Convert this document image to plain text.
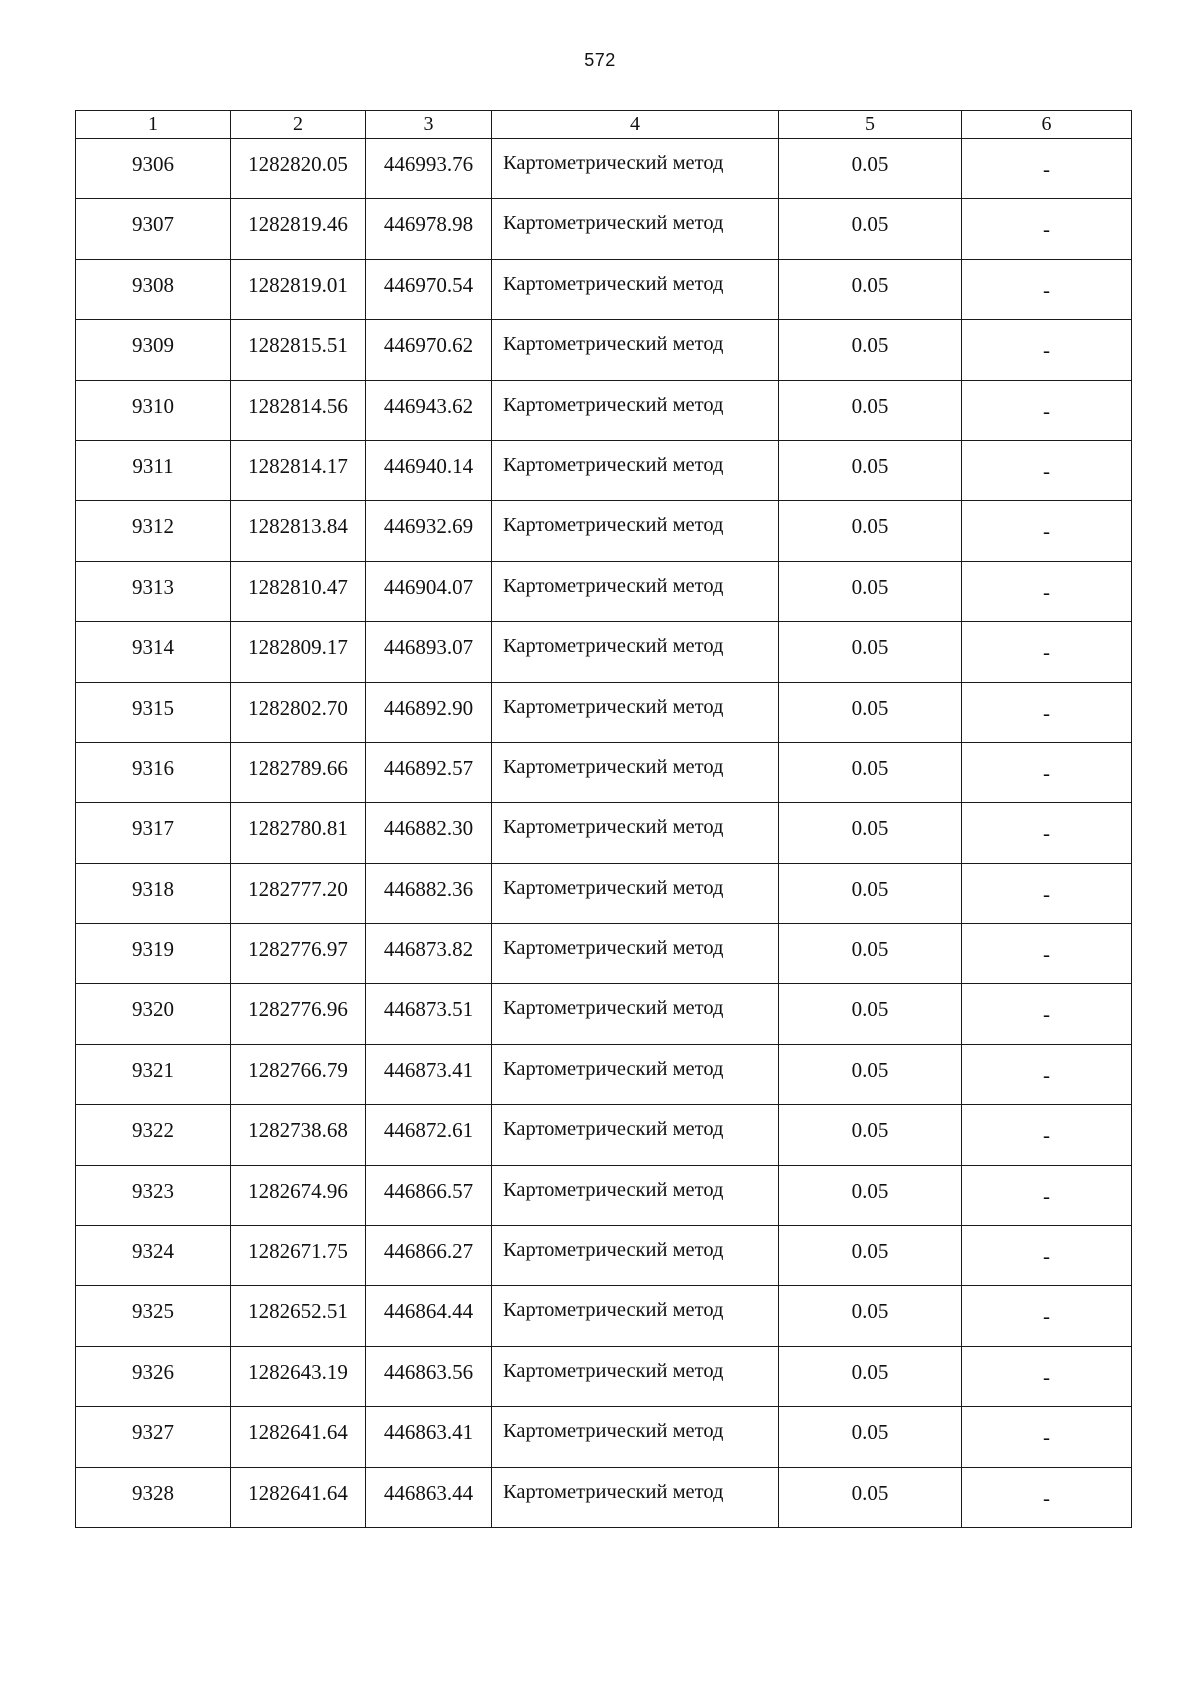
572
1	2	3	4	5	6
9306	1282820.05	446993.76	Картометрический метод	0.05	-
9307	1282819.46	446978.98	Картометрический метод	0.05	-
9308	1282819.01	446970.54	Картометрический метод	0.05	-
9309	1282815.51	446970.62	Картометрический метод	0.05	-
9310	1282814.56	446943.62	Картометрический метод	0.05	-
9311	1282814.17	446940.14	Картометрический метод	0.05	-
9312	1282813.84	446932.69	Картометрический метод	0.05	-
9313	1282810.47	446904.07	Картометрический метод	0.05	-
9314	1282809.17	446893.07	Картометрический метод	0.05	-
9315	1282802.70	446892.90	Картометрический метод	0.05	-
9316	1282789.66	446892.57	Картометрический метод	0.05	-
9317	1282780.81	446882.30	Картометрический метод	0.05	-
9318	1282777.20	446882.36	Картометрический метод	0.05	-
9319	1282776.97	446873.82	Картометрический метод	0.05	-
9320	1282776.96	446873.51	Картометрический метод	0.05	-
9321	1282766.79	446873.41	Картометрический метод	0.05	-
9322	1282738.68	446872.61	Картометрический метод	0.05	-
9323	1282674.96	446866.57	Картометрический метод	0.05	-
9324	1282671.75	446866.27	Картометрический метод	0.05	-
9325	1282652.51	446864.44	Картометрический метод	0.05	-
9326	1282643.19	446863.56	Картометрический метод	0.05	-
9327	1282641.64	446863.41	Картометрический метод	0.05	-
9328	1282641.64	446863.44	Картометрический метод	0.05	-
